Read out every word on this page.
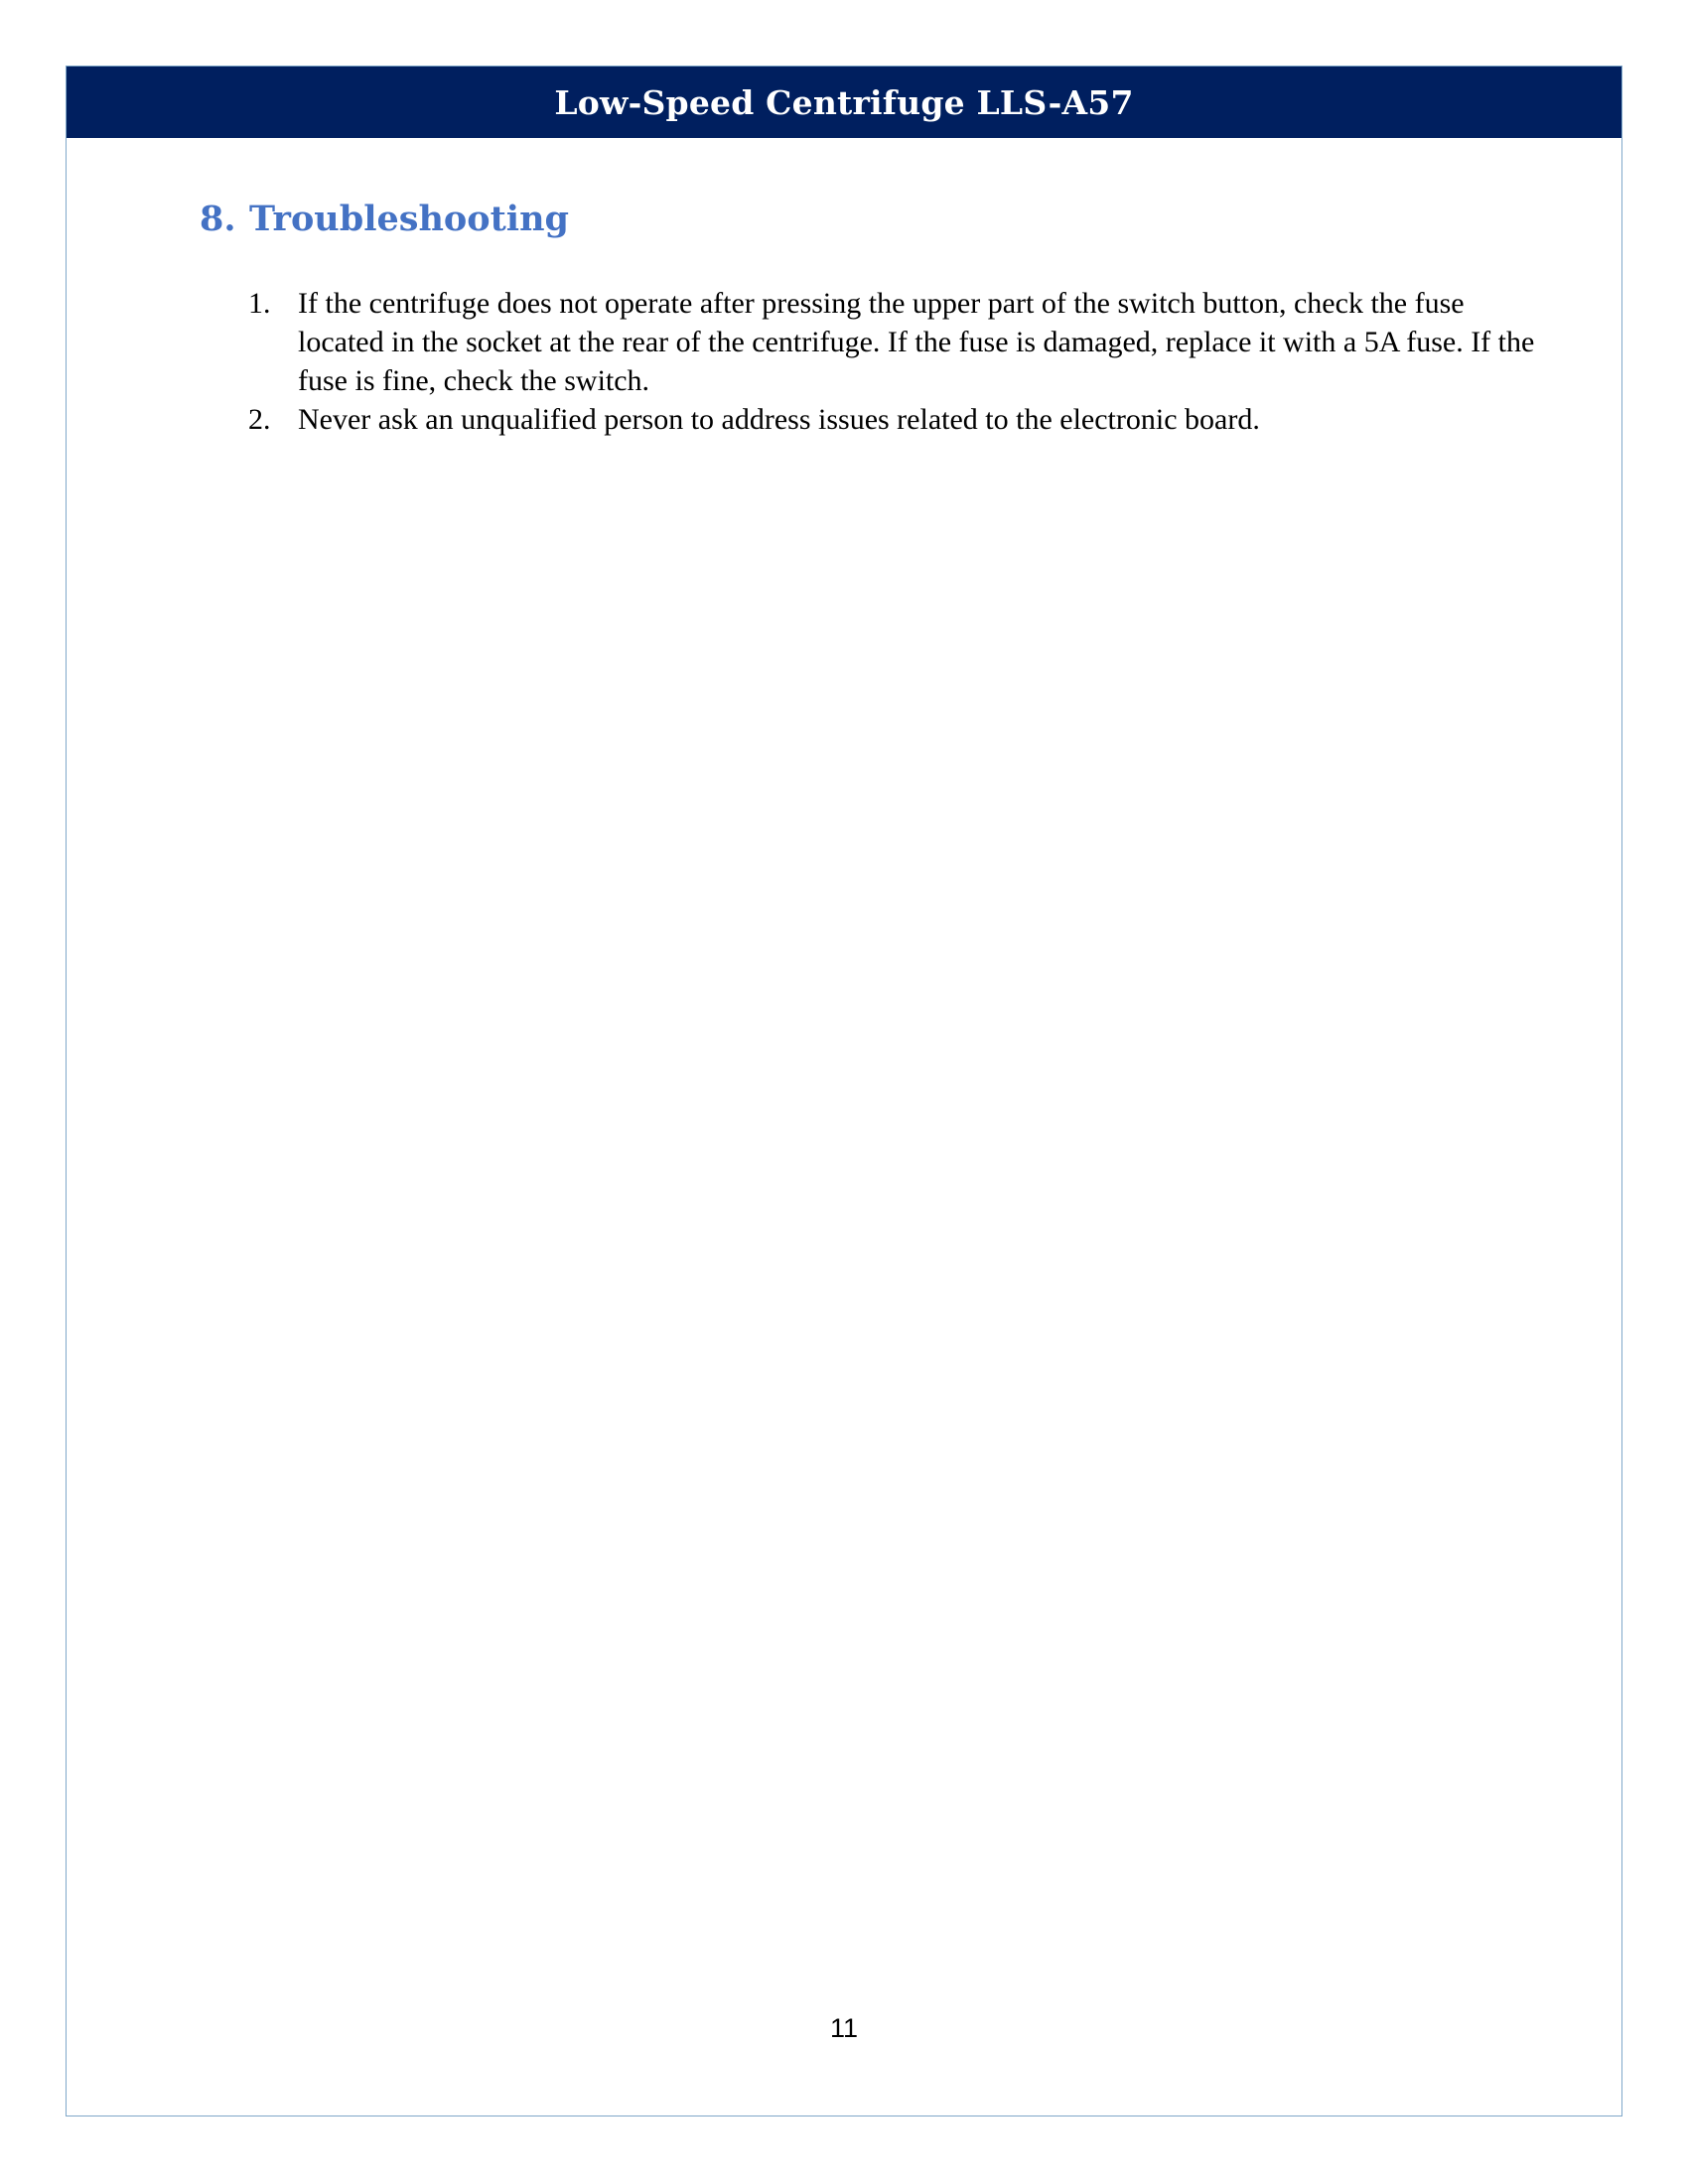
Low-Speed Centrifuge LLS-A57
8. Troubleshooting
1. If the centrifuge does not operate after pressing the upper part of the switch button, check the fuse located in the socket at the rear of the centrifuge. If the fuse is damaged, replace it with a 5A fuse. If the fuse is fine, check the switch.
2. Never ask an unqualified person to address issues related to the electronic board.
11
